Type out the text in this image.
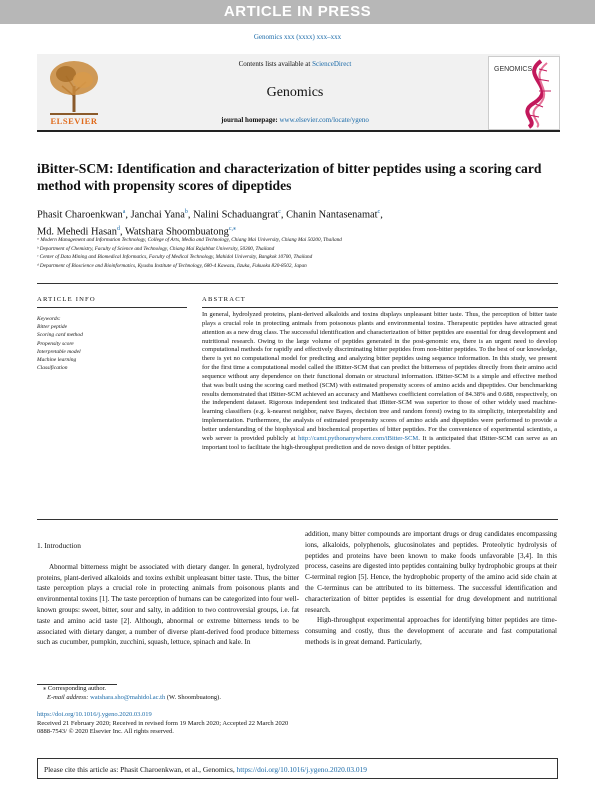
ARTICLE IN PRESS
Genomics xxx (xxxx) xxx–xxx
ELSEVIER
Contents lists available at ScienceDirect
Genomics
journal homepage: www.elsevier.com/locate/ygeno
GENOMICS
iBitter-SCM: Identification and characterization of bitter peptides using a scoring card method with propensity scores of dipeptides
Phasit Charoenkwan$^a$, Janchai Yana$^b$, Nalini Schaduangrat$^c$, Chanin Nantasenamat$^c$,
Md. Mehedi Hasan$^d$, Watshara Shoombuatong$^{c,⁎}$
ᵃ Modern Management and Information Technology, College of Arts, Media and Technology, Chiang Mai University, Chiang Mai 50200, Thailand
ᵇ Department of Chemistry, Faculty of Science and Technology, Chiang Mai Rajabhat University, 50300, Thailand
ᶜ Center of Data Mining and Biomedical Informatics, Faculty of Medical Technology, Mahidol University, Bangkok 10700, Thailand
ᵈ Department of Bioscience and Bioinformatics, Kyushu Institute of Technology, 680-4 Kawazu, Iizuka, Fukuoka 820-8502, Japan
ARTICLE INFO	ABSTRACT
Keywords:
Bitter peptide
Scoring card method
Propensity score
Interpretable model
Machine learning
Classification
In general, hydrolyzed proteins, plant-derived alkaloids and toxins displays unpleasant bitter taste. Thus, the perception of bitter taste plays a crucial role in protecting animals from poisonous plants and environmental toxins. Therapeutic peptides have attracted great attention as a new drug class. The successful identification and characterization of bitter peptides are essential for drug development and nutritional research. Owing to the large volume of peptides generated in the post-genomic era, there is an urgent need to develop computational methods for rapidly and effectively discriminating bitter peptides from non-bitter peptides. To the best of our knowledge, there is yet no computational model for predicting and analyzing bitter peptides using sequence information. In this study, we present for the first time a computational model called the iBitter-SCM that can predict the bitterness of peptides directly from their amino acid sequence without any dependence on their functional domain or structural information. iBitter-SCM is a simple and effective method that was built using the scoring card method (SCM) with estimated propensity scores of amino acids and dipeptides. Our benchmarking results demonstrated that iBitter-SCM achieved an accuracy and Matthews coefficient correlation of 84.38% and 0.688, respectively, on the independent dataset. Rigorous independent test indicated that iBitter-SCM was superior to those of other widely used machine-learning classifiers (e.g. k-nearest neighbor, naive Bayes, decision tree and random forest) owing to its simplicity, interpretability and implementation. Furthermore, the analysis of estimated propensity scores of amino acids and dipeptides were performed to provide a better understanding of the biophysical and biochemical properties of bitter peptides. For the convenience of experimental scientists, a web server is provided publicly at http://camt.pythonanywhere.com/iBitter-SCM. It is anticipated that iBitter-SCM can serve as an important tool to facilitate the high-throughput prediction and de novo design of bitter peptides.
1. Introduction
Abnormal bitterness might be associated with dietary danger. In general, hydrolyzed proteins, plant-derived alkaloids and toxins exhibit unpleasant bitter taste. Thus, the bitter taste perception plays a crucial role in protecting animals from poisonous plants and environmental toxins [1]. The taste perception of humans can be categorized into four well-known groups: sweet, bitter, sour and salty, in addition to two controversial groups, i.e. fat taste and amino acid taste [2]. Although, abnormal or extreme bitterness tends to be associated with dietary danger, a number of diverse plant-derived food produce bitterness such as cucumber, pumpkin, zucchini, squash, lettuce, spinach and kale. In
addition, many bitter compounds are important drugs or drug candidates encompassing ions, alkaloids, polyphenols, glucosinolates and peptides. Proteolytic hydrolysis of peptides and proteins have been known to make foods unfavorable [3,4]. In this process, caseins are digested into peptides containing bulky hydrophobic groups at their C-terminal region [5]. Hence, the hydrophobic property of the amino acid side chain at the C-terminus can be attributed to its bitterness. The successful identification and characterization of bitter peptides is essential for drug development and nutritional research.
High-throughput experimental approaches for identifying bitter peptides are time-consuming and costly, thus the development of accurate and fast computational methods is in great demand. Particularly,
⁎ Corresponding author.
E-mail address: watshara.sho@mahidol.ac.th (W. Shoombuatong).
https://doi.org/10.1016/j.ygeno.2020.03.019
Received 21 February 2020; Received in revised form 19 March 2020; Accepted 22 March 2020
0888-7543/ © 2020 Elsevier Inc. All rights reserved.
Please cite this article as: Phasit Charoenkwan, et al., Genomics, https://doi.org/10.1016/j.ygeno.2020.03.019
